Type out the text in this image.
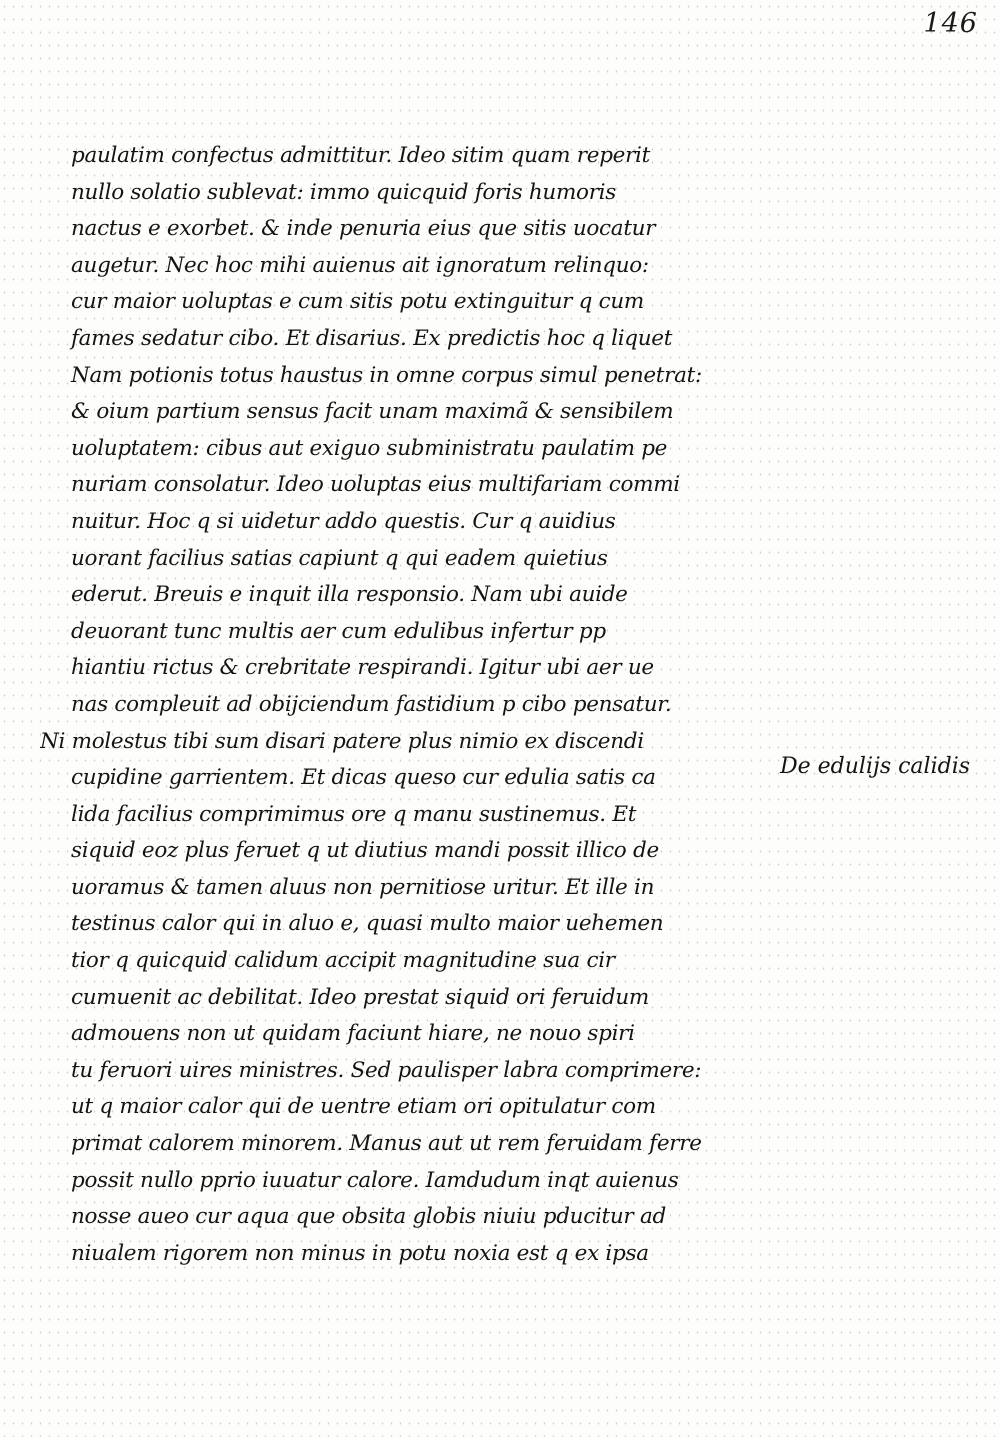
146
paulatim confectus admittitur. Ideo sitim quam reperit
nullo solatio sublevat: immo quicquid foris humoris
nactus e exorbet. & inde penuria eius que sitis uocatur
augetur. Nec hoc mihi auienus ait ignoratum relinquo:
cur maior uoluptas e cum sitis potu extinguitur q cum
fames sedatur cibo. Et disarius. Ex predictis hoc q liquet
Nam potionis totus haustus in omne corpus simul penetrat:
& oium partium sensus facit unam maximã & sensibilem
uoluptatem: cibus aut exiguo subministratu paulatim pe
nuriam consolatur. Ideo uoluptas eius multifariam commi
nuitur. Hoc q si uidetur addo questis. Cur q auidius
uorant facilius satias capiunt q qui eadem quietius
ederut. Breuis e inquit illa responsio. Nam ubi auide
deuorant tunc multis aer cum edulibus infertur pp
hiantiu rictus & crebritate respirandi. Igitur ubi aer ue
nas compleuit ad obijciendum fastidium p cibo pensatur.
Ni molestus tibi sum disari patere plus nimio ex discendi
cupidine garrientem. Et dicas queso cur edulia satis ca
lida facilius comprimimus ore q manu sustinemus. Et
siquid eoz plus feruet q ut diutius mandi possit illico de
uoramus & tamen aluus non pernitiose uritur. Et ille in
testinus calor qui in aluo e, quasi multo maior uehemen
tior q quicquid calidum accipit magnitudine sua cir
cumuenit ac debilitat. Ideo prestat siquid ori feruidum
admouens non ut quidam faciunt hiare, ne nouo spiri
tu feruori uires ministres. Sed paulisper labra comprimere:
ut q maior calor qui de uentre etiam ori opitulatur com
primat calorem minorem. Manus aut ut rem feruidam ferre
possit nullo pprio iuuatur calore. Iamdudum inqt auienus
nosse aueo cur aqua que obsita globis niuiu pducitur ad
niualem rigorem non minus in potu noxia est q ex ipsa
De edulijs calidis
